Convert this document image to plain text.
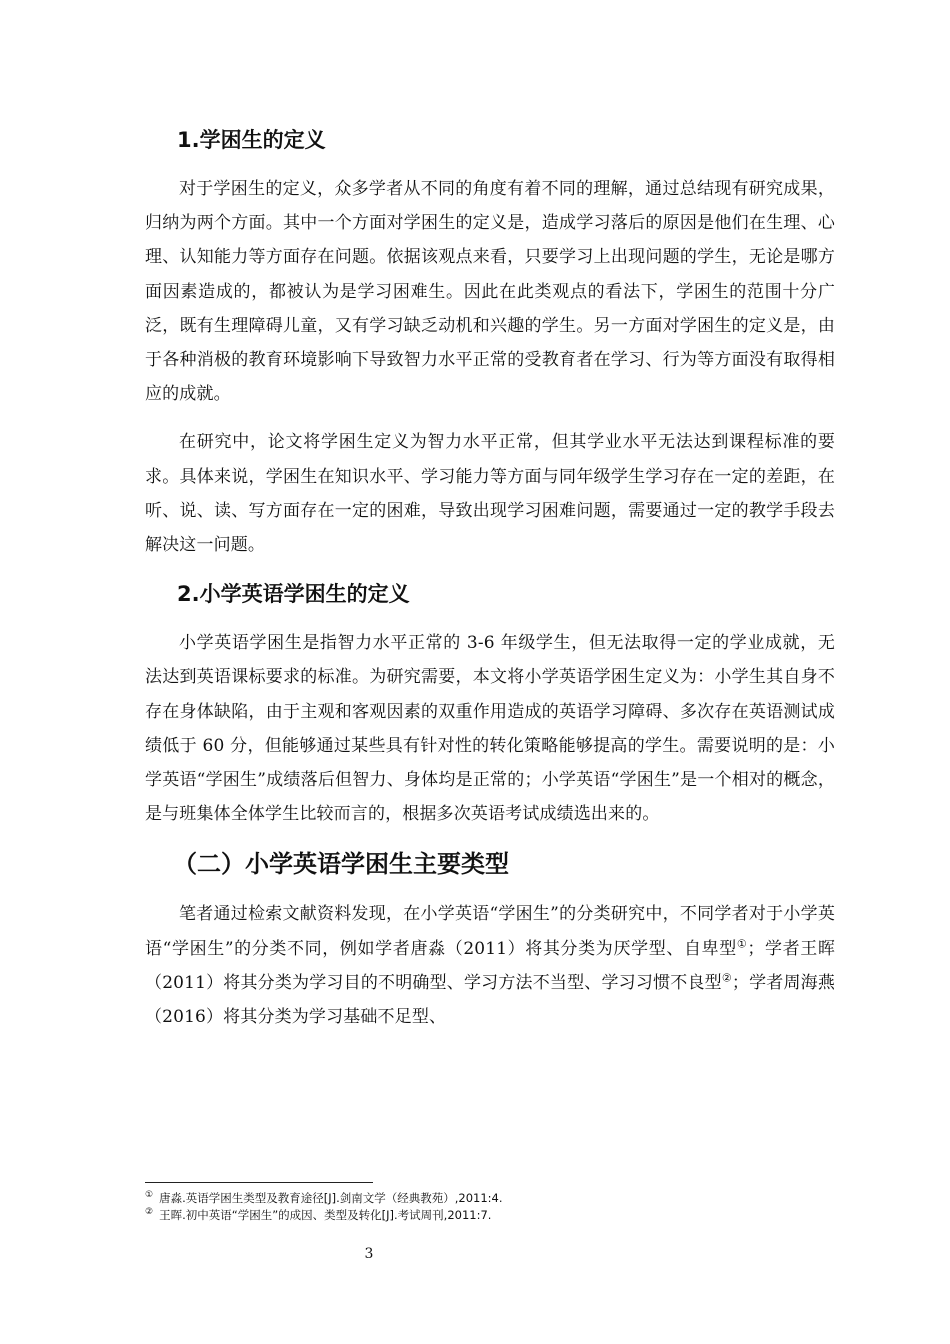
1.学困生的定义

对于学困生的定义，众多学者从不同的角度有着不同的理解，通过总结现有研究成果，归纳为两个方面。其中一个方面对学困生的定义是，造成学习落后的原因是他们在生理、心理、认知能力等方面存在问题。依据该观点来看，只要学习上出现问题的学生，无论是哪方面因素造成的，都被认为是学习困难生。因此在此类观点的看法下，学困生的范围十分广泛，既有生理障碍儿童，又有学习缺乏动机和兴趣的学生。另一方面对学困生的定义是，由于各种消极的教育环境影响下导致智力水平正常的受教育者在学习、行为等方面没有取得相应的成就。

在研究中，论文将学困生定义为智力水平正常，但其学业水平无法达到课程标准的要求。具体来说，学困生在知识水平、学习能力等方面与同年级学生学习存在一定的差距，在听、说、读、写方面存在一定的困难，导致出现学习困难问题，需要通过一定的教学手段去解决这一问题。

2.小学英语学困生的定义

小学英语学困生是指智力水平正常的 3-6 年级学生，但无法取得一定的学业成就，无法达到英语课标要求的标准。为研究需要，本文将小学英语学困生定义为：小学生其自身不存在身体缺陷，由于主观和客观因素的双重作用造成的英语学习障碍、多次存在英语测试成绩低于 60 分，但能够通过某些具有针对性的转化策略能够提高的学生。需要说明的是：小学英语“学困生”成绩落后但智力、身体均是正常的；小学英语“学困生”是一个相对的概念，是与班集体全体学生比较而言的，根据多次英语考试成绩选出来的。

（二）小学英语学困生主要类型

笔者通过检索文献资料发现，在小学英语“学困生”的分类研究中，不同学者对于小学英语“学困生”的分类不同，例如学者唐淼（2011）将其分类为厌学型、自卑型①；学者王晖（2011）将其分类为学习目的不明确型、学习方法不当型、学习习惯不良型②；学者周海燕（2016）将其分类为学习基础不足型、

① 唐淼.英语学困生类型及教育途径[J].剑南文学（经典教苑）,2011:4.

② 王晖.初中英语“学困生”的成因、类型及转化[J].考试周刊,2011:7.

3
